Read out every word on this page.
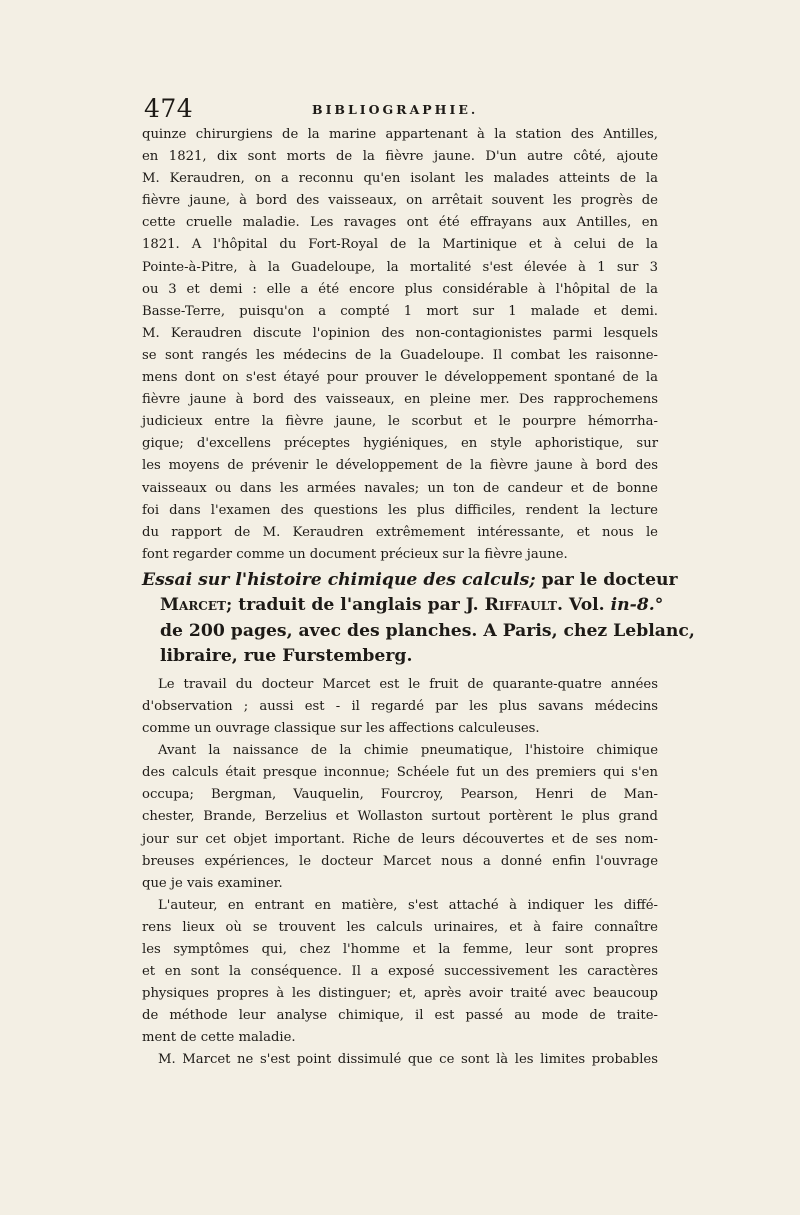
474	BIBLIOGRAPHIE.

quinze chirurgiens de la marine appartenant à la station des Antilles,
en 1821, dix sont morts de la fièvre jaune. D'un autre côté, ajoute
M. Keraudren, on a reconnu qu'en isolant les malades atteints de la
fièvre jaune, à bord des vaisseaux, on arrêtait souvent les progrès de
cette cruelle maladie. Les ravages ont été effrayans aux Antilles, en
1821. A l'hôpital du Fort-Royal de la Martinique et à celui de la
Pointe-à-Pitre, à la Guadeloupe, la mortalité s'est élevée à 1 sur 3
ou 3 et demi : elle a été encore plus considérable à l'hôpital de la
Basse-Terre, puisqu'on a compté 1 mort sur 1 malade et demi.
M. Keraudren discute l'opinion des non-contagionistes parmi lesquels
se sont rangés les médecins de la Guadeloupe. Il combat les raisonne-
mens dont on s'est étayé pour prouver le développement spontané de la
fièvre jaune à bord des vaisseaux, en pleine mer. Des rapprochemens
judicieux entre la fièvre jaune, le scorbut et le pourpre hémorrha-
gique; d'excellens préceptes hygiéniques, en style aphoristique, sur
les moyens de prévenir le développement de la fièvre jaune à bord des
vaisseaux ou dans les armées navales; un ton de candeur et de bonne
foi dans l'examen des questions les plus difficiles, rendent la lecture
du rapport de M. Keraudren extrêmement intéressante, et nous le
font regarder comme un document précieux sur la fièvre jaune.

Essai sur l'histoire chimique des calculs; par le docteur
Marcet; traduit de l'anglais par J. Riffault. Vol. in-8.°
de 200 pages, avec des planches. A Paris, chez Leblanc,
libraire, rue Furstemberg.

Le travail du docteur Marcet est le fruit de quarante-quatre années
d'observation ; aussi est - il regardé par les plus savans médecins
comme un ouvrage classique sur les affections calculeuses.

Avant la naissance de la chimie pneumatique, l'histoire chimique
des calculs était presque inconnue; Schéele fut un des premiers qui s'en
occupa; Bergman, Vauquelin, Fourcroy, Pearson, Henri de Man-
chester, Brande, Berzelius et Wollaston surtout portèrent le plus grand
jour sur cet objet important. Riche de leurs découvertes et de ses nom-
breuses expériences, le docteur Marcet nous a donné enfin l'ouvrage
que je vais examiner.

L'auteur, en entrant en matière, s'est attaché à indiquer les diffé-
rens lieux où se trouvent les calculs urinaires, et à faire connaître
les symptômes qui, chez l'homme et la femme, leur sont propres
et en sont la conséquence. Il a exposé successivement les caractères
physiques propres à les distinguer; et, après avoir traité avec beaucoup
de méthode leur analyse chimique, il est passé au mode de traite-
ment de cette maladie.

M. Marcet ne s'est point dissimulé que ce sont là les limites probables
